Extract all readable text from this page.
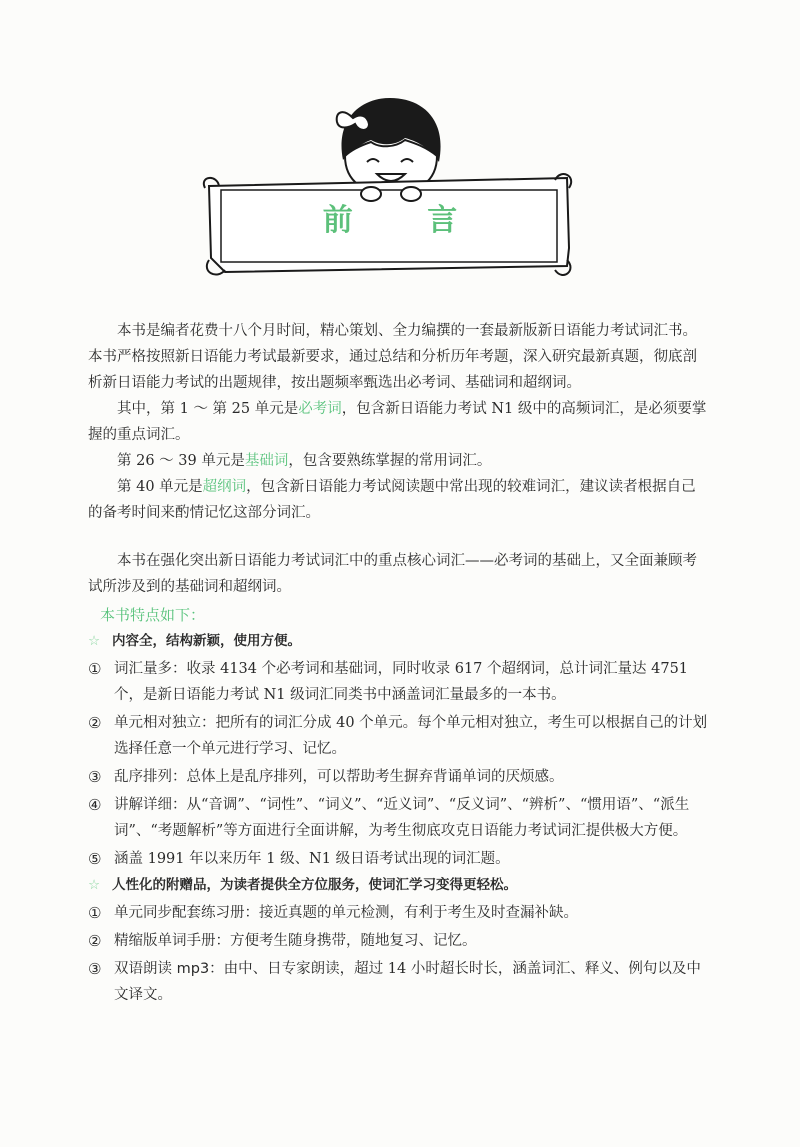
前 言

本书是编者花费十八个月时间，精心策划、全力编撰的一套最新版新日语能力考试词汇书。本书严格按照新日语能力考试最新要求，通过总结和分析历年考题，深入研究最新真题，彻底剖析新日语能力考试的出题规律，按出题频率甄选出必考词、基础词和超纲词。

其中，第 1 ～ 第 25 单元是必考词，包含新日语能力考试 N1 级中的高频词汇，是必须要掌握的重点词汇。

第 26 ～ 39 单元是基础词，包含要熟练掌握的常用词汇。

第 40 单元是超纲词，包含新日语能力考试阅读题中常出现的较难词汇，建议读者根据自己的备考时间来酌情记忆这部分词汇。

本书在强化突出新日语能力考试词汇中的重点核心词汇——必考词的基础上，又全面兼顾考试所涉及到的基础词和超纲词。

本书特点如下：
☆ 内容全，结构新颖，使用方便。
① 词汇量多：收录 4134 个必考词和基础词，同时收录 617 个超纲词，总计词汇量达 4751 个，是新日语能力考试 N1 级词汇同类书中涵盖词汇量最多的一本书。
② 单元相对独立：把所有的词汇分成 40 个单元。每个单元相对独立，考生可以根据自己的计划选择任意一个单元进行学习、记忆。
③ 乱序排列：总体上是乱序排列，可以帮助考生摒弃背诵单词的厌烦感。
④ 讲解详细：从“音调”、“词性”、“词义”、“近义词”、“反义词”、“辨析”、“惯用语”、“派生词”、“考题解析”等方面进行全面讲解，为考生彻底攻克日语能力考试词汇提供极大方便。
⑤ 涵盖 1991 年以来历年 1 级、N1 级日语考试出现的词汇题。
☆ 人性化的附赠品，为读者提供全方位服务，使词汇学习变得更轻松。
① 单元同步配套练习册：接近真题的单元检测，有利于考生及时查漏补缺。
② 精缩版单词手册：方便考生随身携带，随地复习、记忆。
③ 双语朗读 mp3：由中、日专家朗读，超过 14 小时超长时长，涵盖词汇、释义、例句以及中文译文。
